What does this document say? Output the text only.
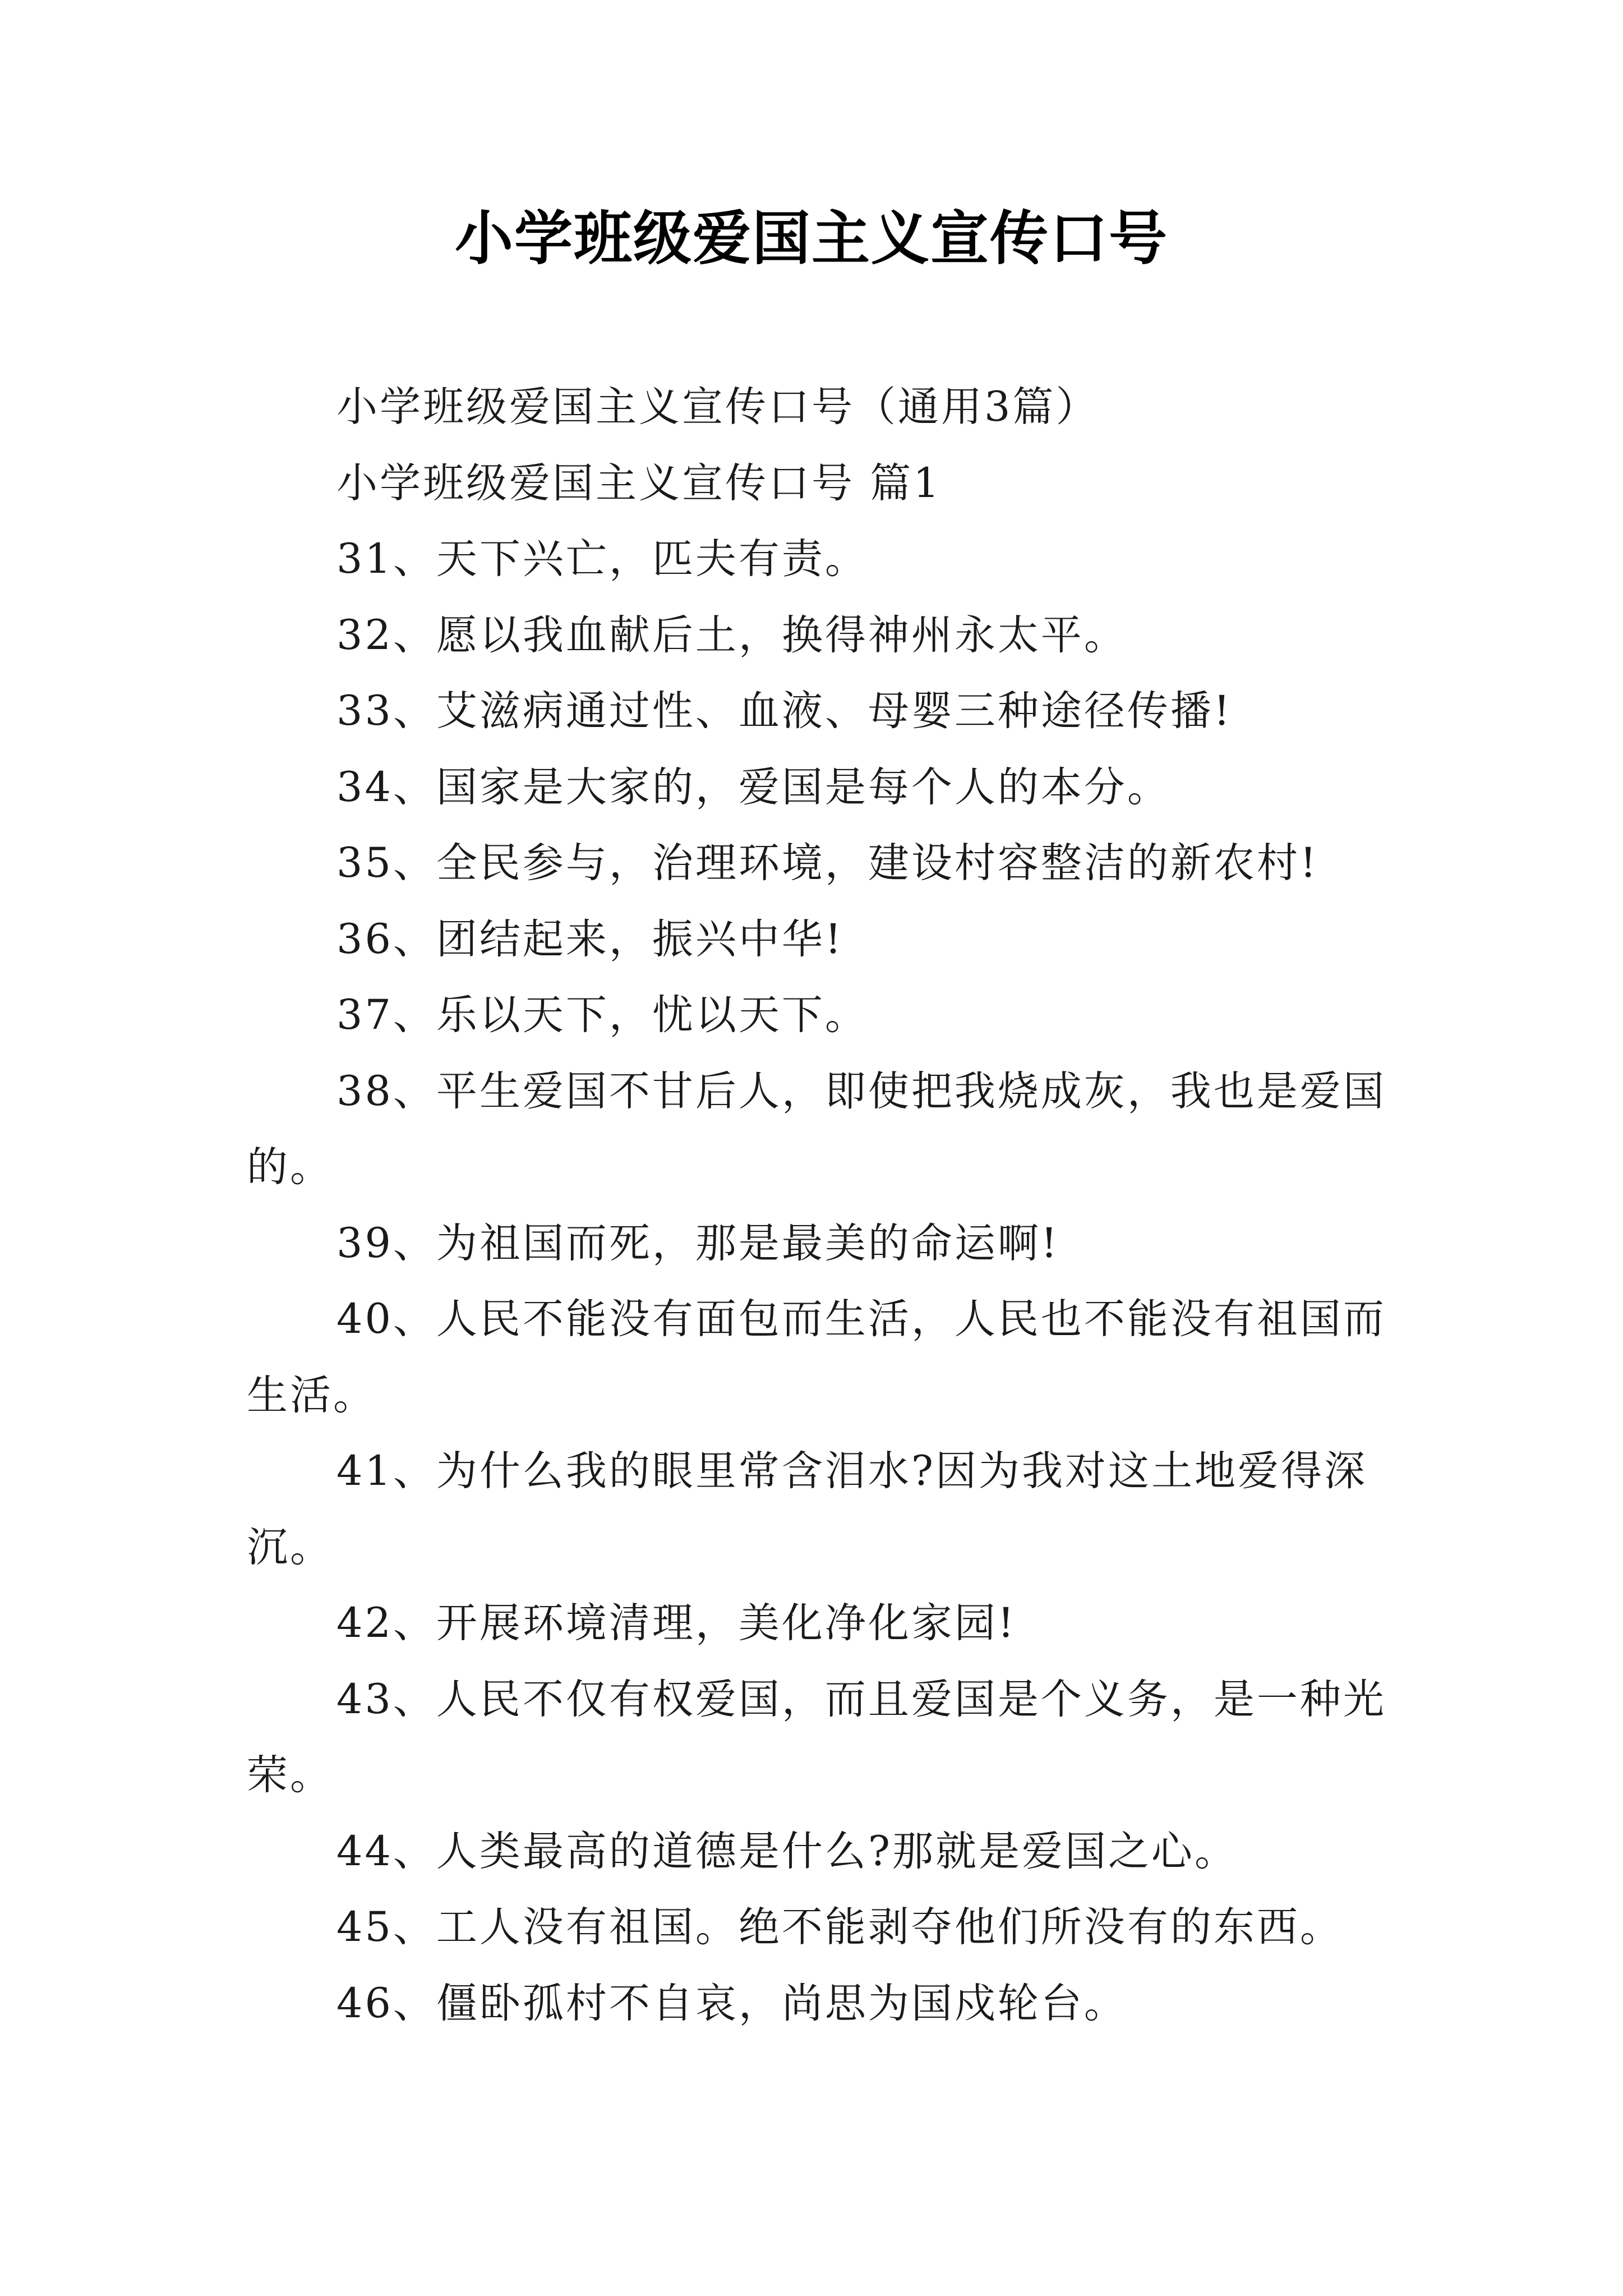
小学班级爱国主义宣传口号

小学班级爱国主义宣传口号（通用3篇）

小学班级爱国主义宣传口号 篇1

31、天下兴亡，匹夫有责。

32、愿以我血献后土，换得神州永太平。

33、艾滋病通过性、血液、母婴三种途径传播!

34、国家是大家的，爱国是每个人的本分。

35、全民参与，治理环境，建设村容整洁的新农村!

36、团结起来，振兴中华!

37、乐以天下，忧以天下。

38、平生爱国不甘后人，即使把我烧成灰，我也是爱国的。

39、为祖国而死，那是最美的命运啊!

40、人民不能没有面包而生活，人民也不能没有祖国而生活。

41、为什么我的眼里常含泪水?因为我对这土地爱得深沉。

42、开展环境清理，美化净化家园!

43、人民不仅有权爱国，而且爱国是个义务，是一种光荣。

44、人类最高的道德是什么?那就是爱国之心。

45、工人没有祖国。绝不能剥夺他们所没有的东西。

46、僵卧孤村不自哀，尚思为国戍轮台。
